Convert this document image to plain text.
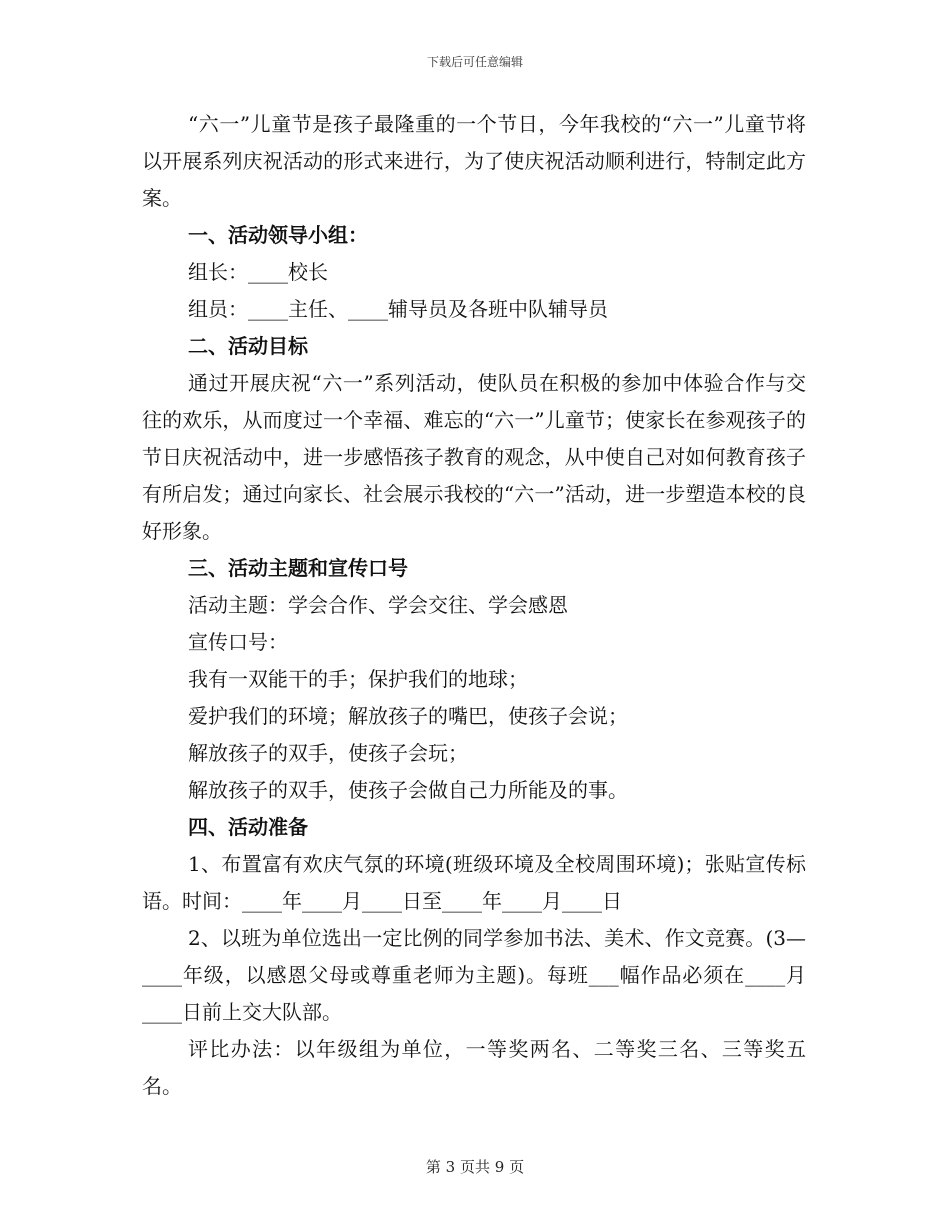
下载后可任意编辑

“六一”儿童节是孩子最隆重的一个节日，今年我校的“六一”儿童节将以开展系列庆祝活动的形式来进行，为了使庆祝活动顺利进行，特制定此方案。

一、活动领导小组：

组长：____校长

组员：____主任、____辅导员及各班中队辅导员

二、活动目标

通过开展庆祝“六一”系列活动，使队员在积极的参加中体验合作与交往的欢乐，从而度过一个幸福、难忘的“六一”儿童节；使家长在参观孩子的节日庆祝活动中，进一步感悟孩子教育的观念，从中使自己对如何教育孩子有所启发；通过向家长、社会展示我校的“六一”活动，进一步塑造本校的良好形象。

三、活动主题和宣传口号

活动主题：学会合作、学会交往、学会感恩

宣传口号：

我有一双能干的手；保护我们的地球；

爱护我们的环境；解放孩子的嘴巴，使孩子会说；

解放孩子的双手，使孩子会玩；

解放孩子的双手，使孩子会做自己力所能及的事。

四、活动准备

1、布置富有欢庆气氛的环境(班级环境及全校周围环境)；张贴宣传标语。时间：____年____月____日至____年____月____日

2、以班为单位选出一定比例的同学参加书法、美术、作文竞赛。(3—____年级，以感恩父母或尊重老师为主题)。每班___幅作品必须在____月____日前上交大队部。

评比办法：以年级组为单位，一等奖两名、二等奖三名、三等奖五名。

第 3 页共 9 页
